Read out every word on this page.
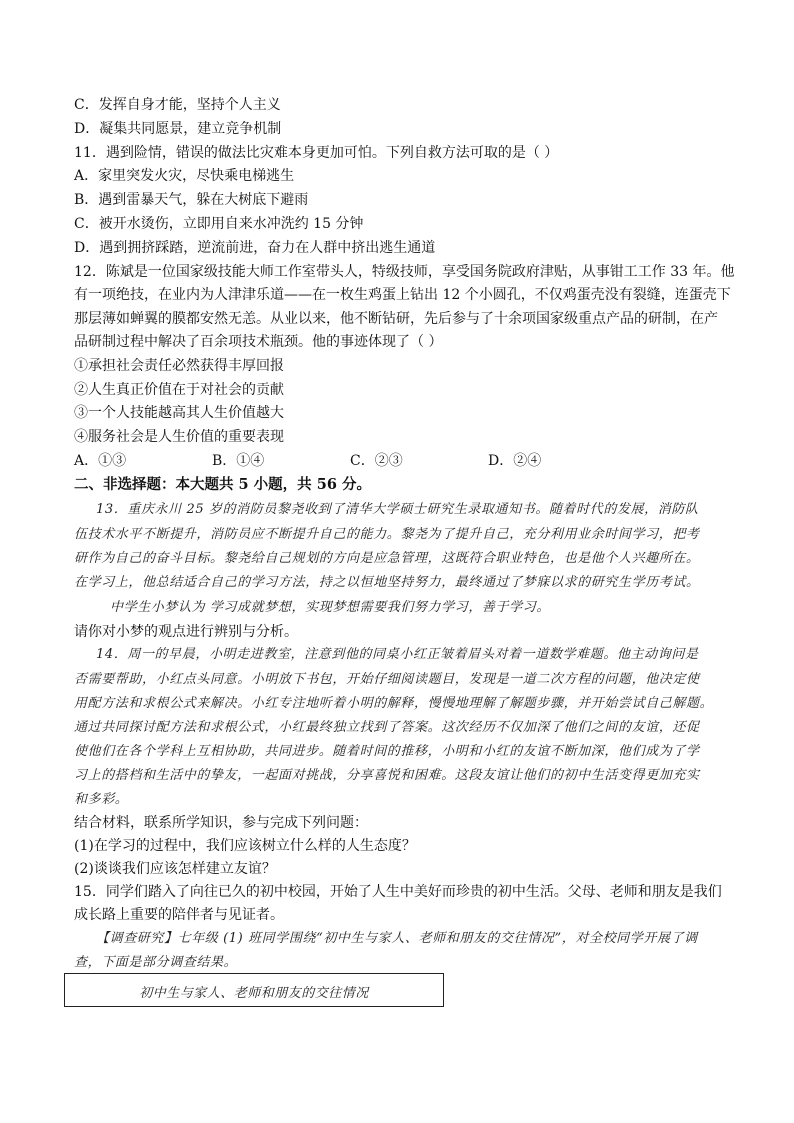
C．发挥自身才能，坚持个人主义
D．凝集共同愿景，建立竞争机制
11．遇到险情，错误的做法比灾难本身更加可怕。下列自救方法可取的是（ ）
A．家里突发火灾，尽快乘电梯逃生
B．遇到雷暴天气，躲在大树底下避雨
C．被开水烫伤，立即用自来水冲洗约 15 分钟
D．遇到拥挤踩踏，逆流前进，奋力在人群中挤出逃生通道
12．陈斌是一位国家级技能大师工作室带头人，特级技师，享受国务院政府津贴，从事钳工工作 33 年。他
有一项绝技，在业内为人津津乐道——在一枚生鸡蛋上钻出 12 个小圆孔，不仅鸡蛋壳没有裂缝，连蛋壳下
那层薄如蝉翼的膜都安然无恙。从业以来，他不断钻研，先后参与了十余项国家级重点产品的研制，在产
品研制过程中解决了百余项技术瓶颈。他的事迹体现了（ ）
①承担社会责任必然获得丰厚回报
②人生真正价值在于对社会的贡献
③一个人技能越高其人生价值越大
④服务社会是人生价值的重要表现
A．①③	B．①④	C．②③	D．②④
二、非选择题：本大题共 5 小题，共 56 分。
13．重庆永川 25 岁的消防员黎尧收到了清华大学硕士研究生录取通知书。随着时代的发展，消防队
伍技术水平不断提升，消防员应不断提升自己的能力。黎尧为了提升自己，充分利用业余时间学习，把考
研作为自己的奋斗目标。黎尧给自己规划的方向是应急管理，这既符合职业特色，也是他个人兴趣所在。
在学习上，他总结适合自己的学习方法，持之以恒地坚持努力，最终通过了梦寐以求的研究生学历考试。
中学生小梦认为 学习成就梦想，实现梦想需要我们努力学习，善于学习。
请你对小梦的观点进行辨别与分析。
14．周一的早晨，小明走进教室，注意到他的同桌小红正皱着眉头对着一道数学难题。他主动询问是
否需要帮助，小红点头同意。小明放下书包，开始仔细阅读题目，发现是一道二次方程的问题，他决定使
用配方法和求根公式来解决。小红专注地听着小明的解释，慢慢地理解了解题步骤，并开始尝试自己解题。
通过共同探讨配方法和求根公式，小红最终独立找到了答案。这次经历不仅加深了他们之间的友谊，还促
使他们在各个学科上互相协助，共同进步。随着时间的推移，小明和小红的友谊不断加深，他们成为了学
习上的搭档和生活中的挚友，一起面对挑战，分享喜悦和困难。这段友谊让他们的初中生活变得更加充实
和多彩。
结合材料，联系所学知识，参与完成下列问题：
(1)在学习的过程中，我们应该树立什么样的人生态度？
(2)谈谈我们应该怎样建立友谊？
15．同学们踏入了向往已久的初中校园，开始了人生中美好而珍贵的初中生活。父母、老师和朋友是我们
成长路上重要的陪伴者与见证者。
【调查研究】七年级 (1) 班同学围绕“初中生与家人、老师和朋友的交往情况”，对全校同学开展了调
查，下面是部分调查结果。
初中生与家人、老师和朋友的交往情况
